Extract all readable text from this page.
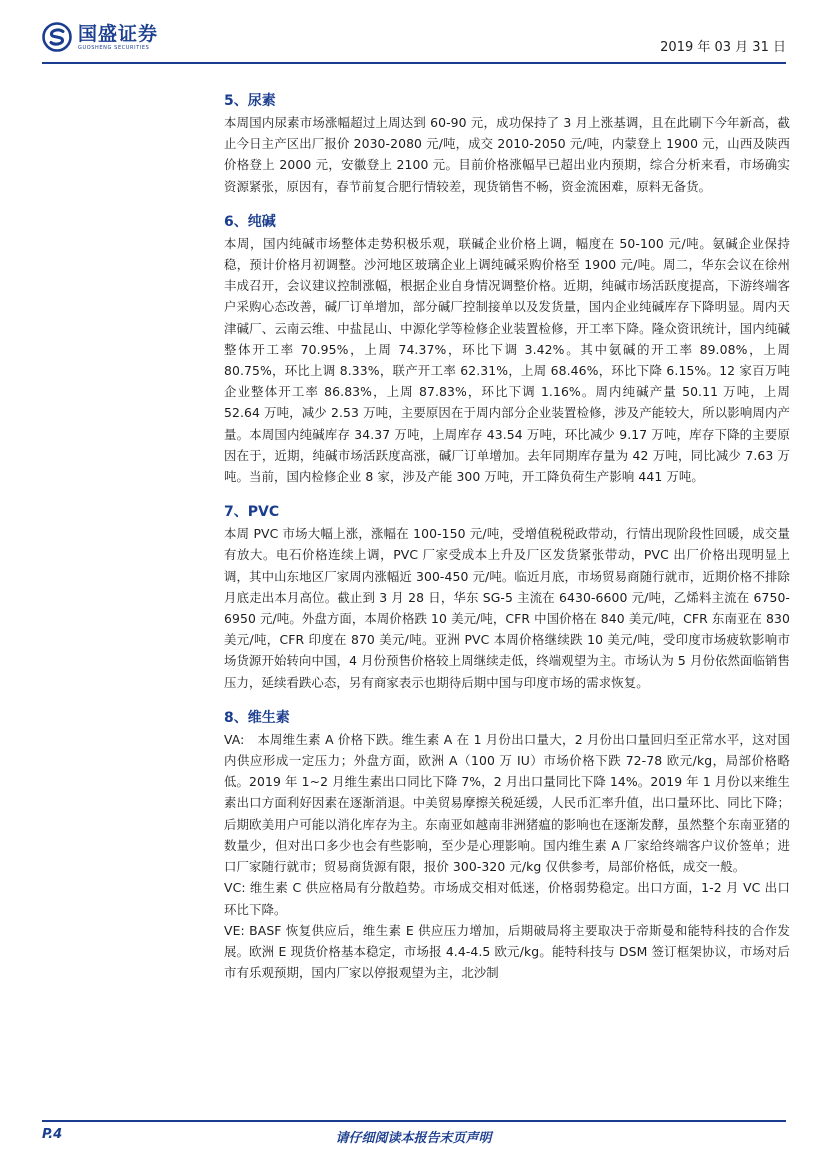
国盛证券
GUOSHENG SECURITIES	2019 年 03 月 31 日

5、尿素

本周国内尿素市场涨幅超过上周达到 60-90 元，成功保持了 3 月上涨基调，且在此刷下今年新高，截止今日主产区出厂报价 2030-2080 元/吨，成交 2010-2050 元/吨，内蒙登上 1900 元，山西及陕西价格登上 2000 元，安徽登上 2100 元。目前价格涨幅早已超出业内预期，综合分析来看，市场确实资源紧张，原因有，春节前复合肥行情较差，现货销售不畅，资金流困难，原料无备货。

6、纯碱

本周，国内纯碱市场整体走势积极乐观，联碱企业价格上调，幅度在 50-100 元/吨。氨碱企业保持稳，预计价格月初调整。沙河地区玻璃企业上调纯碱采购价格至 1900 元/吨。周二，华东会议在徐州丰成召开，会议建议控制涨幅，根据企业自身情况调整价格。近期，纯碱市场活跃度提高，下游终端客户采购心态改善，碱厂订单增加，部分碱厂控制接单以及发货量，国内企业纯碱库存下降明显。周内天津碱厂、云南云维、中盐昆山、中源化学等检修企业装置检修，开工率下降。隆众资讯统计，国内纯碱整体开工率 70.95%，上周 74.37%，环比下调 3.42%。其中氨碱的开工率 89.08%，上周 80.75%，环比上调 8.33%，联产开工率 62.31%，上周 68.46%，环比下降 6.15%。12 家百万吨企业整体开工率 86.83%，上周 87.83%，环比下调 1.16%。周内纯碱产量 50.11 万吨，上周 52.64 万吨，减少 2.53 万吨，主要原因在于周内部分企业装置检修，涉及产能较大，所以影响周内产量。本周国内纯碱库存 34.37 万吨，上周库存 43.54 万吨，环比减少 9.17 万吨，库存下降的主要原因在于，近期，纯碱市场活跃度高涨，碱厂订单增加。去年同期库存量为 42 万吨，同比减少 7.63 万吨。当前，国内检修企业 8 家，涉及产能 300 万吨，开工降负荷生产影响 441 万吨。

7、PVC

本周 PVC 市场大幅上涨，涨幅在 100-150 元/吨，受增值税税政带动，行情出现阶段性回暖，成交量有放大。电石价格连续上调，PVC 厂家受成本上升及厂区发货紧张带动，PVC 出厂价格出现明显上调，其中山东地区厂家周内涨幅近 300-450 元/吨。临近月底，市场贸易商随行就市，近期价格不排除月底走出本月高位。截止到 3 月 28 日，华东 SG-5 主流在 6430-6600 元/吨，乙烯料主流在 6750-6950 元/吨。外盘方面，本周价格跌 10 美元/吨，CFR 中国价格在 840 美元/吨，CFR 东南亚在 830 美元/吨，CFR 印度在 870 美元/吨。亚洲 PVC 本周价格继续跌 10 美元/吨，受印度市场疲软影响市场货源开始转向中国，4 月份预售价格较上周继续走低，终端观望为主。市场认为 5 月份依然面临销售压力，延续看跌心态，另有商家表示也期待后期中国与印度市场的需求恢复。

8、维生素

VA:　本周维生素 A 价格下跌。维生素 A 在 1 月份出口量大，2 月份出口量回归至正常水平，这对国内供应形成一定压力；外盘方面，欧洲 A（100 万 IU）市场价格下跌 72-78 欧元/kg，局部价格略低。2019 年 1~2 月维生素出口同比下降 7%，2 月出口量同比下降 14%。2019 年 1 月份以来维生素出口方面利好因素在逐渐消退。中美贸易摩擦关税延缓，人民币汇率升值，出口量环比、同比下降；后期欧美用户可能以消化库存为主。东南亚如越南非洲猪瘟的影响也在逐渐发酵，虽然整个东南亚猪的数量少，但对出口多少也会有些影响，至少是心理影响。国内维生素 A 厂家给终端客户议价签单；进口厂家随行就市；贸易商货源有限，报价 300-320 元/kg 仅供参考，局部价格低，成交一般。

VC: 维生素 C 供应格局有分散趋势。市场成交相对低迷，价格弱势稳定。出口方面，1-2 月 VC 出口环比下降。

VE: BASF 恢复供应后，维生素 E 供应压力增加，后期破局将主要取决于帝斯曼和能特科技的合作发展。欧洲 E 现货价格基本稳定，市场报 4.4-4.5 欧元/kg。能特科技与 DSM 签订框架协议，市场对后市有乐观预期，国内厂家以停报观望为主，北沙制

请仔细阅读本报告末页声明
P.4
